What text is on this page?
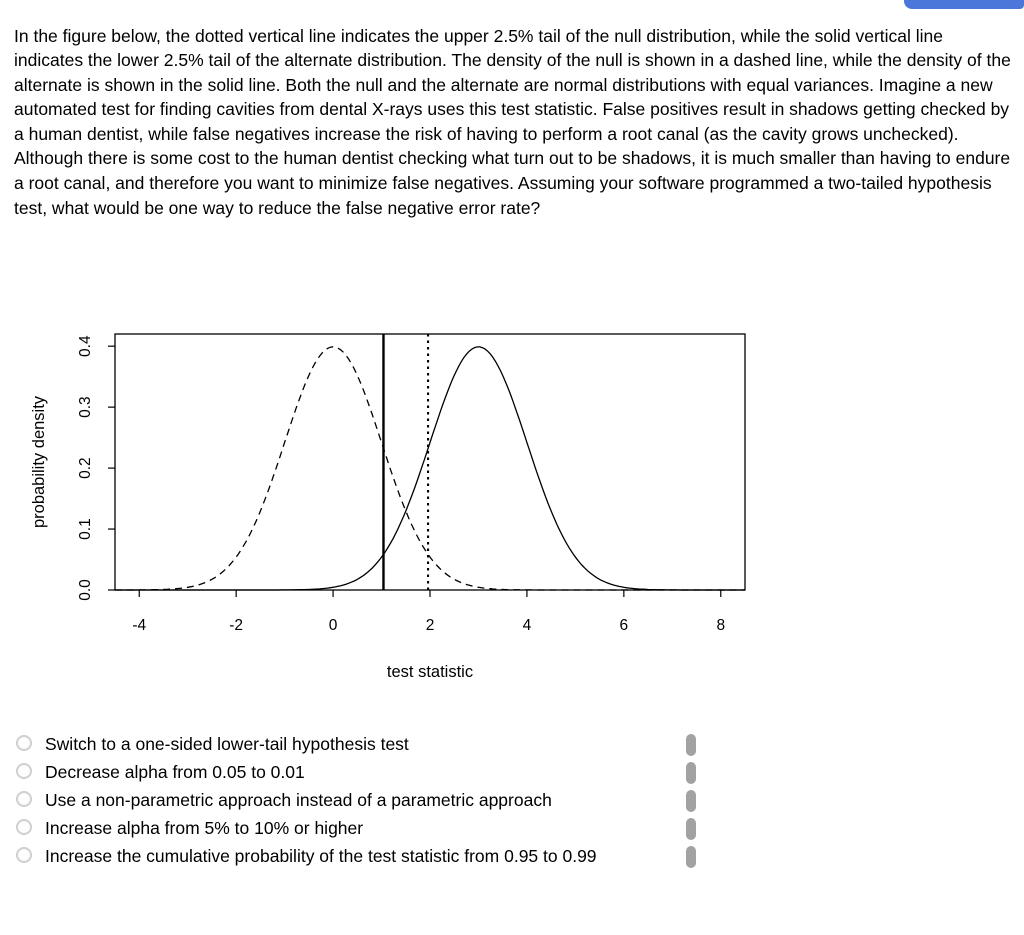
In the figure below, the dotted vertical line indicates the upper 2.5% tail of the null distribution, while the solid vertical line indicates the lower 2.5% tail of the alternate distribution. The density of the null is shown in a dashed line, while the density of the alternate is shown in the solid line. Both the null and the alternate are normal distributions with equal variances. Imagine a new automated test for finding cavities from dental X-rays uses this test statistic. False positives result in shadows getting checked by a human dentist, while false negatives increase the risk of having to perform a root canal (as the cavity grows unchecked). Although there is some cost to the human dentist checking what turn out to be shadows, it is much smaller than having to endure a root canal, and therefore you want to minimize false negatives. Assuming your software programmed a two-tailed hypothesis test, what would be one way to reduce the false negative error rate?

-4	-2	0	2	4	6	8
0.0
0.1
0.2
0.3
0.4
test statistic
probability density
Switch to a one-sided lower-tail hypothesis test
Decrease alpha from 0.05 to 0.01
Use a non-parametric approach instead of a parametric approach
Increase alpha from 5% to 10% or higher
Increase the cumulative probability of the test statistic from 0.95 to 0.99
